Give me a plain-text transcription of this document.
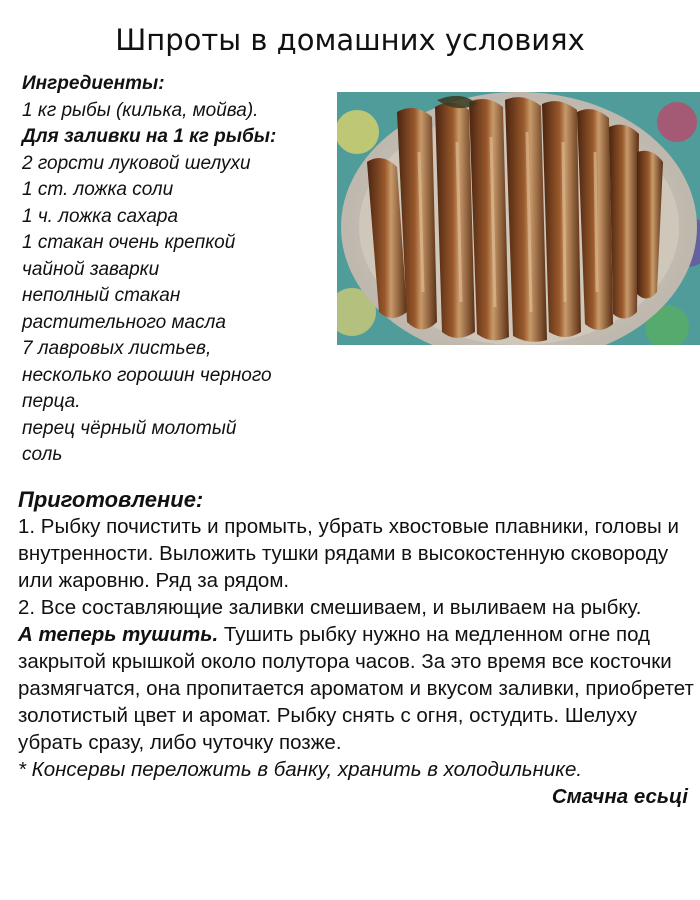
Шпроты в домашних условиях
Ингредиенты:
1 кг рыбы (килька, мойва).
Для заливки на 1 кг рыбы:
2 горсти луковой шелухи
1 ст. ложка соли
1 ч. ложка сахара
1 стакан очень крепкой
чайной заварки
неполный стакан
растительного масла
7 лавровых листьев,
несколько горошин черного
перца.
перец чёрный молотый
соль
Приготовление:

1. Рыбку почистить и промыть, убрать хвостовые плавники, головы и внутренности. Выложить тушки рядами в высокостенную сковороду или жаровню. Ряд за рядом.

2. Все составляющие заливки смешиваем, и выливаем на рыбку.

А теперь тушить. Тушить рыбку нужно на медленном огне под закрытой крышкой около полутора часов. За это время все косточки размягчатся, она пропитается ароматом и вкусом заливки, приобретет золотистый цвет и аромат. Рыбку снять с огня, остудить. Шелуху убрать сразу, либо чуточку позже.

* Консервы переложить в банку, хранить в холодильнике.

Смачна есьці
